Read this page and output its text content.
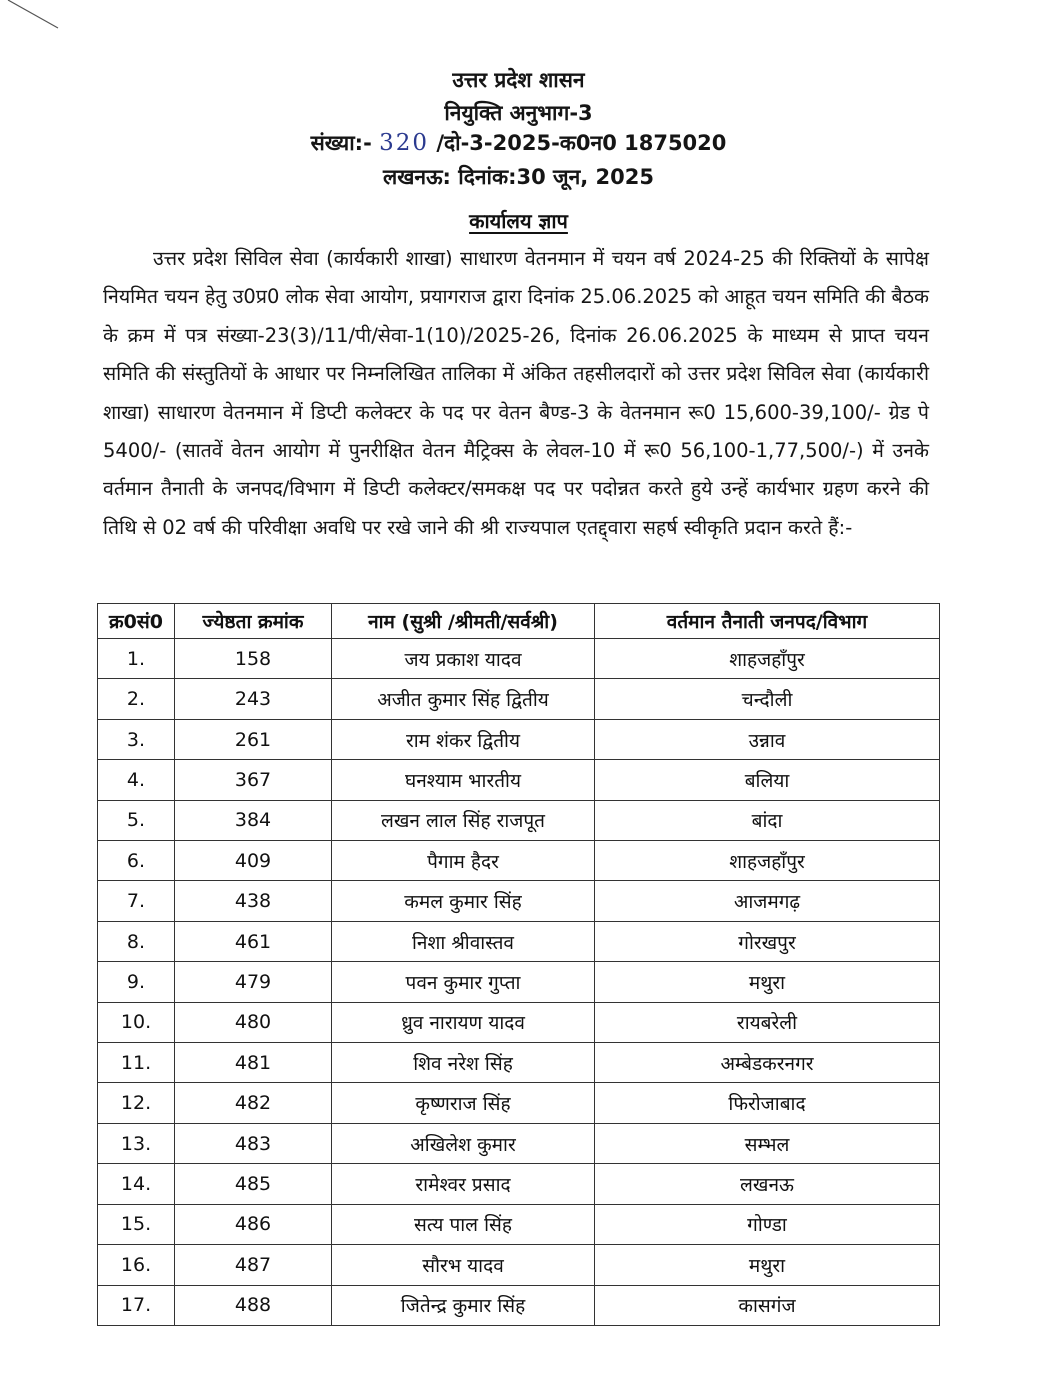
उत्तर प्रदेश शासन
नियुक्ति अनुभाग-3
संख्या:- 320 /दो-3-2025-क0न0 1875020
लखनऊ: दिनांक:30 जून, 2025
कार्यालय ज्ञाप

उत्तर प्रदेश सिविल सेवा (कार्यकारी शाखा) साधारण वेतनमान में चयन वर्ष 2024-25 की रिक्तियों के सापेक्ष नियमित चयन हेतु उ0प्र0 लोक सेवा आयोग, प्रयागराज द्वारा दिनांक 25.06.2025 को आहूत चयन समिति की बैठक के क्रम में पत्र संख्या-23(3)/11/पी/सेवा-1(10)/2025-26, दिनांक 26.06.2025 के माध्यम से प्राप्त चयन समिति की संस्तुतियों के आधार पर निम्नलिखित तालिका में अंकित तहसीलदारों को उत्तर प्रदेश सिविल सेवा (कार्यकारी शाखा) साधारण वेतनमान में डिप्टी कलेक्टर के पद पर वेतन बैण्ड-3 के वेतनमान रू0 15,600-39,100/- ग्रेड पे 5400/- (सातवें वेतन आयोग में पुनरीक्षित वेतन मैट्रिक्स के लेवल-10 में रू0 56,100-1,77,500/-) में उनके वर्तमान तैनाती के जनपद/विभाग में डिप्टी कलेक्टर/समकक्ष पद पर पदोन्नत करते हुये उन्हें कार्यभार ग्रहण करने की तिथि से 02 वर्ष की परिवीक्षा अवधि पर रखे जाने की श्री राज्यपाल एतद्द्वारा सहर्ष स्वीकृति प्रदान करते हैं:-

क्र0सं0	ज्येष्ठता क्रमांक	नाम (सुश्री /श्रीमती/सर्वश्री)	वर्तमान तैनाती जनपद/विभाग
1.	158	जय प्रकाश यादव	शाहजहाँपुर
2.	243	अजीत कुमार सिंह द्वितीय	चन्दौली
3.	261	राम शंकर द्वितीय	उन्नाव
4.	367	घनश्याम भारतीय	बलिया
5.	384	लखन लाल सिंह राजपूत	बांदा
6.	409	पैगाम हैदर	शाहजहाँपुर
7.	438	कमल कुमार सिंह	आजमगढ़
8.	461	निशा श्रीवास्तव	गोरखपुर
9.	479	पवन कुमार गुप्ता	मथुरा
10.	480	ध्रुव नारायण यादव	रायबरेली
11.	481	शिव नरेश सिंह	अम्बेडकरनगर
12.	482	कृष्णराज सिंह	फिरोजाबाद
13.	483	अखिलेश कुमार	सम्भल
14.	485	रामेश्वर प्रसाद	लखनऊ
15.	486	सत्य पाल सिंह	गोण्डा
16.	487	सौरभ यादव	मथुरा
17.	488	जितेन्द्र कुमार सिंह	कासगंज
